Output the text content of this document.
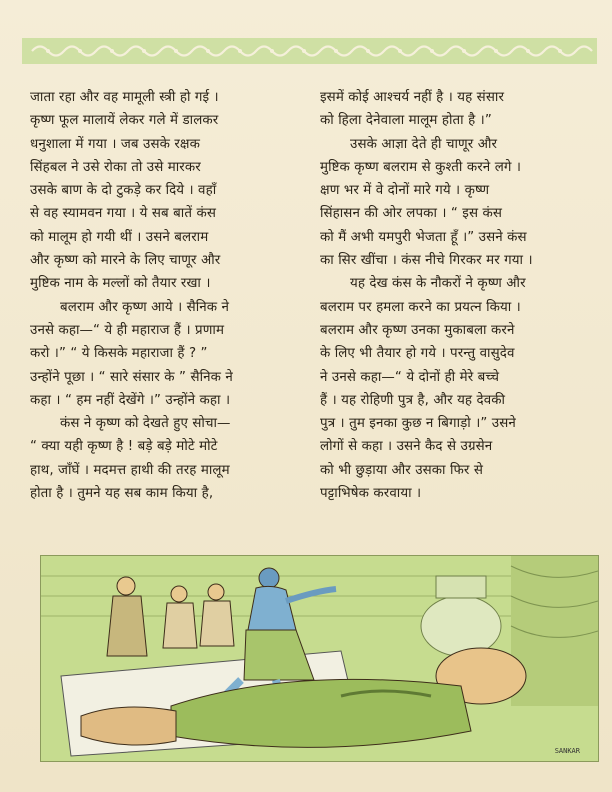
जाता रहा और वह मामूली स्त्री हो गई ।
कृष्ण फूल मालायें लेकर गले में डालकर
धनुशाला में गया । जब उसके रक्षक
सिंहबल ने उसे रोका तो उसे मारकर
उसके बाण के दो टुकड़े कर दिये । वहाँ
से वह स्यामवन गया । ये सब बातें कंस
को मालूम हो गयी थीं । उसने बलराम
और कृष्ण को मारने के लिए चाणूर और
मुष्टिक नाम के मल्लों को तैयार रखा ।

बलराम और कृष्ण आये । सैनिक ने
उनसे कहा—“ ये ही महाराज हैं । प्रणाम
करो ।” “ ये किसके महाराजा हैं ? ”
उन्होंने पूछा । “ सारे संसार के ” सैनिक ने
कहा । “ हम नहीं देखेंगे ।” उन्होंने कहा ।

कंस ने कृष्ण को देखते हुए सोचा—
“ क्या यही कृष्ण है ! बड़े बड़े मोटे मोटे
हाथ, जाँघें । मदमत्त हाथी की तरह मालूम
होता है । तुमने यह सब काम किया है,

इसमें कोई आश्चर्य नहीं है । यह संसार
को हिला देनेवाला मालूम होता है ।”

उसके आज्ञा देते ही चाणूर और
मुष्टिक कृष्ण बलराम से कुश्ती करने लगे ।
क्षण भर में वे दोनों मारे गये । कृष्ण
सिंहासन की ओर लपका । “ इस कंस
को मैं अभी यमपुरी भेजता हूँ ।” उसने कंस
का सिर खींचा । कंस नीचे गिरकर मर गया ।

यह देख कंस के नौकरों ने कृष्ण और
बलराम पर हमला करने का प्रयत्न किया ।
बलराम और कृष्ण उनका मुकाबला करने
के लिए भी तैयार हो गये । परन्तु वासुदेव
ने उनसे कहा—“ ये दोनों ही मेरे बच्चे
हैं । यह रोहिणी पुत्र है, और यह देवकी
पुत्र । तुम इनका कुछ न बिगाड़ो ।” उसने
लोगों से कहा । उसने कैद से उग्रसेन
को भी छुड़ाया और उसका फिर से
पट्टाभिषेक करवाया ।

SANKAR
